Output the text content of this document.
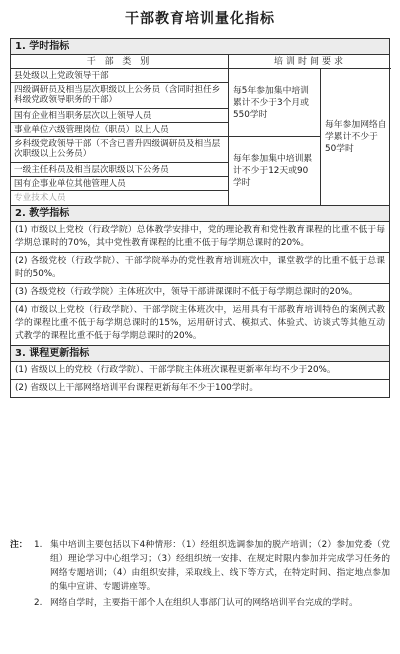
干部教育培训量化指标
1. 学时指标
干 部 类 别	培训时间要求
县处级以上党政领导干部
四级调研员及相当层次职级以上公务员（含同时担任乡科级党政领导职务的干部）
国有企业相当职务层次以上领导人员
事业单位六级管理岗位（职员）以上人员
乡科级党政领导干部（不含已晋升四级调研员及相当层次职级以上公务员）
一级主任科员及相当层次职级以下公务员
国有企事业单位其他管理人员
专业技术人员
每5年参加集中培训累计不少于3个月或550学时
每年参加集中培训累计不少于12天或90学时
每年参加网络自学累计不少于50学时
2. 教学指标
(1) 市级以上党校（行政学院）总体教学安排中，党的理论教育和党性教育课程的比重不低于每学期总课时的70%，其中党性教育课程的比重不低于每学期总课时的20%。
(2) 各级党校（行政学院）、干部学院举办的党性教育培训班次中，课堂教学的比重不低于总课时的50%。
(3) 各级党校（行政学院）主体班次中，领导干部讲课课时不低于每学期总课时的20%。
(4) 市级以上党校（行政学院）、干部学院主体班次中，运用具有干部教育培训特色的案例式教学的课程比重不低于每学期总课时的15%，运用研讨式、模拟式、体验式、访谈式等其他互动式教学的课程比重不低于每学期总课时的20%。
3. 课程更新指标
(1) 省级以上的党校（行政学院）、干部学院主体班次课程更新率年均不少于20%。
(2) 省级以上干部网络培训平台课程更新每年不少于100学时。
注： 1. 集中培训主要包括以下4种情形：（1）经组织选调参加的脱产培训；（2）参加党委（党组）理论学习中心组学习；（3）经组织统一安排、在规定时限内参加并完成学习任务的网络专题培训；（4）由组织安排，采取线上、线下等方式，在特定时间、指定地点参加的集中宣讲、专题讲座等。
2. 网络自学时，主要指干部个人在组织人事部门认可的网络培训平台完成的学时。
